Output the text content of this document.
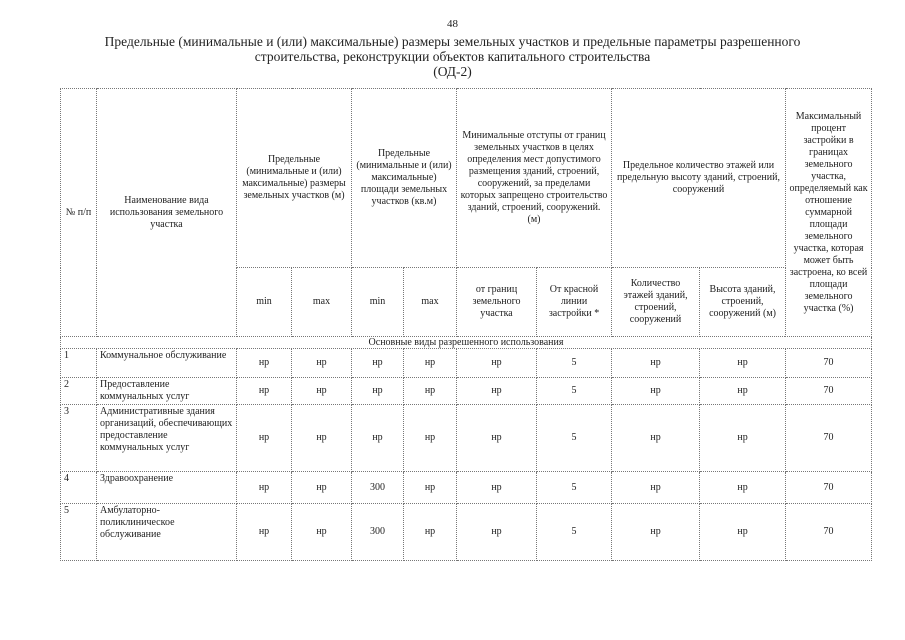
48
Предельные (минимальные и (или) максимальные) размеры земельных участков и предельные параметры разрешенного
строительства, реконструкции объектов капитального строительства
(ОД-2)
№ п/п	Наименование вида использования земельного участка	Предельные (минимальные и (или) максимальные) размеры земельных участков (м)		Предельные (минимальные и (или) максимальные) площади земельных участков (кв.м)		Минимальные отступы от границ земельных участков в целях определения мест допустимого размещения зданий, строений, сооружений, за пределами которых запрещено строительство зданий, строений, сооружений. (м)		Предельное количество этажей или предельную высоту зданий, строений, сооружений		Максимальный процент застройки в границах земельного участка, определяемый как отношение суммарной площади земельного участка, которая может быть застроена, ко всей площади земельного участка (%)
		min	max	min	max	от границ земельного участка	От красной линии застройки *	Количество этажей зданий, строений, сооружений	Высота зданий, строений, сооружений (м)	
Основные виды разрешенного использования										
1	Коммунальное обслуживание	нр	нр	нр	нр	нр	5	нр	нр	70
2	Предоставление коммунальных услуг	нр	нр	нр	нр	нр	5	нр	нр	70
3	Административные здания организаций, обеспечивающих предоставление коммунальных услуг	нр	нр	нр	нр	нр	5	нр	нр	70
4	Здравоохранение	нр	нр	300	нр	нр	5	нр	нр	70
5	Амбулаторно-поликлиническое обслуживание	нр	нр	300	нр	нр	5	нр	нр	70
